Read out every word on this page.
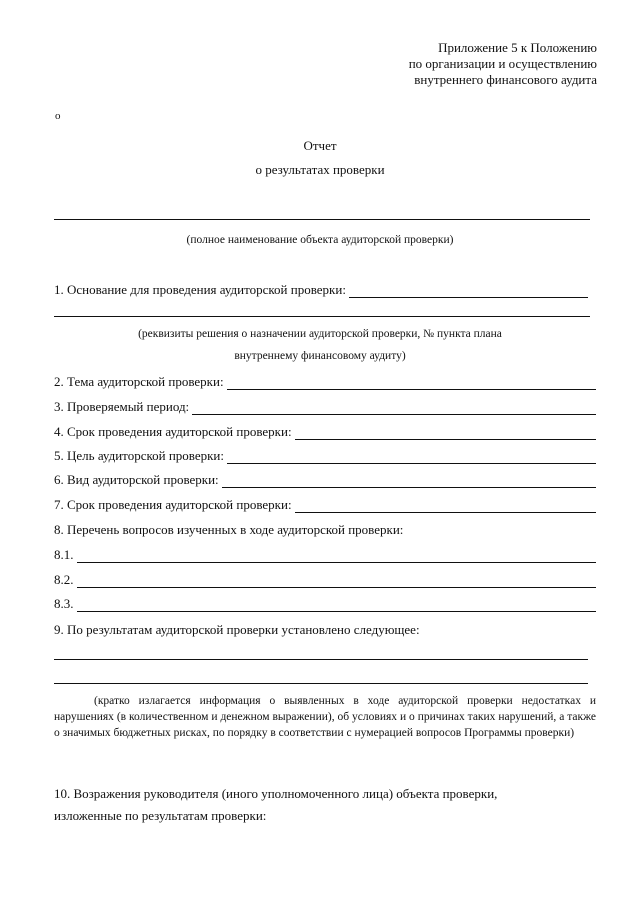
Приложение 5 к Положению
по организации и осуществлению
внутреннего финансового аудита
о
Отчет
о результатах проверки
(полное наименование объекта аудиторской проверки)
1. Основание для проведения аудиторской проверки:
(реквизиты решения о назначении аудиторской проверки, № пункта плана
внутреннему финансовому аудиту)
2. Тема аудиторской проверки:
3. Проверяемый период:
4. Срок проведения аудиторской проверки:
5. Цель аудиторской проверки:
6. Вид аудиторской проверки:
7. Срок проведения аудиторской проверки:
8. Перечень вопросов изученных в ходе аудиторской проверки:
8.1.
8.2.
8.3.
9. По результатам аудиторской проверки установлено следующее:
(кратко излагается информация о выявленных в ходе аудиторской проверки недостатках и нарушениях (в количественном и денежном выражении), об условиях и о причинах таких нарушений, а также о значимых бюджетных рисках, по порядку в соответствии с нумерацией вопросов Программы проверки)
10. Возражения руководителя (иного уполномоченного лица) объекта проверки,
изложенные по результатам проверки:
